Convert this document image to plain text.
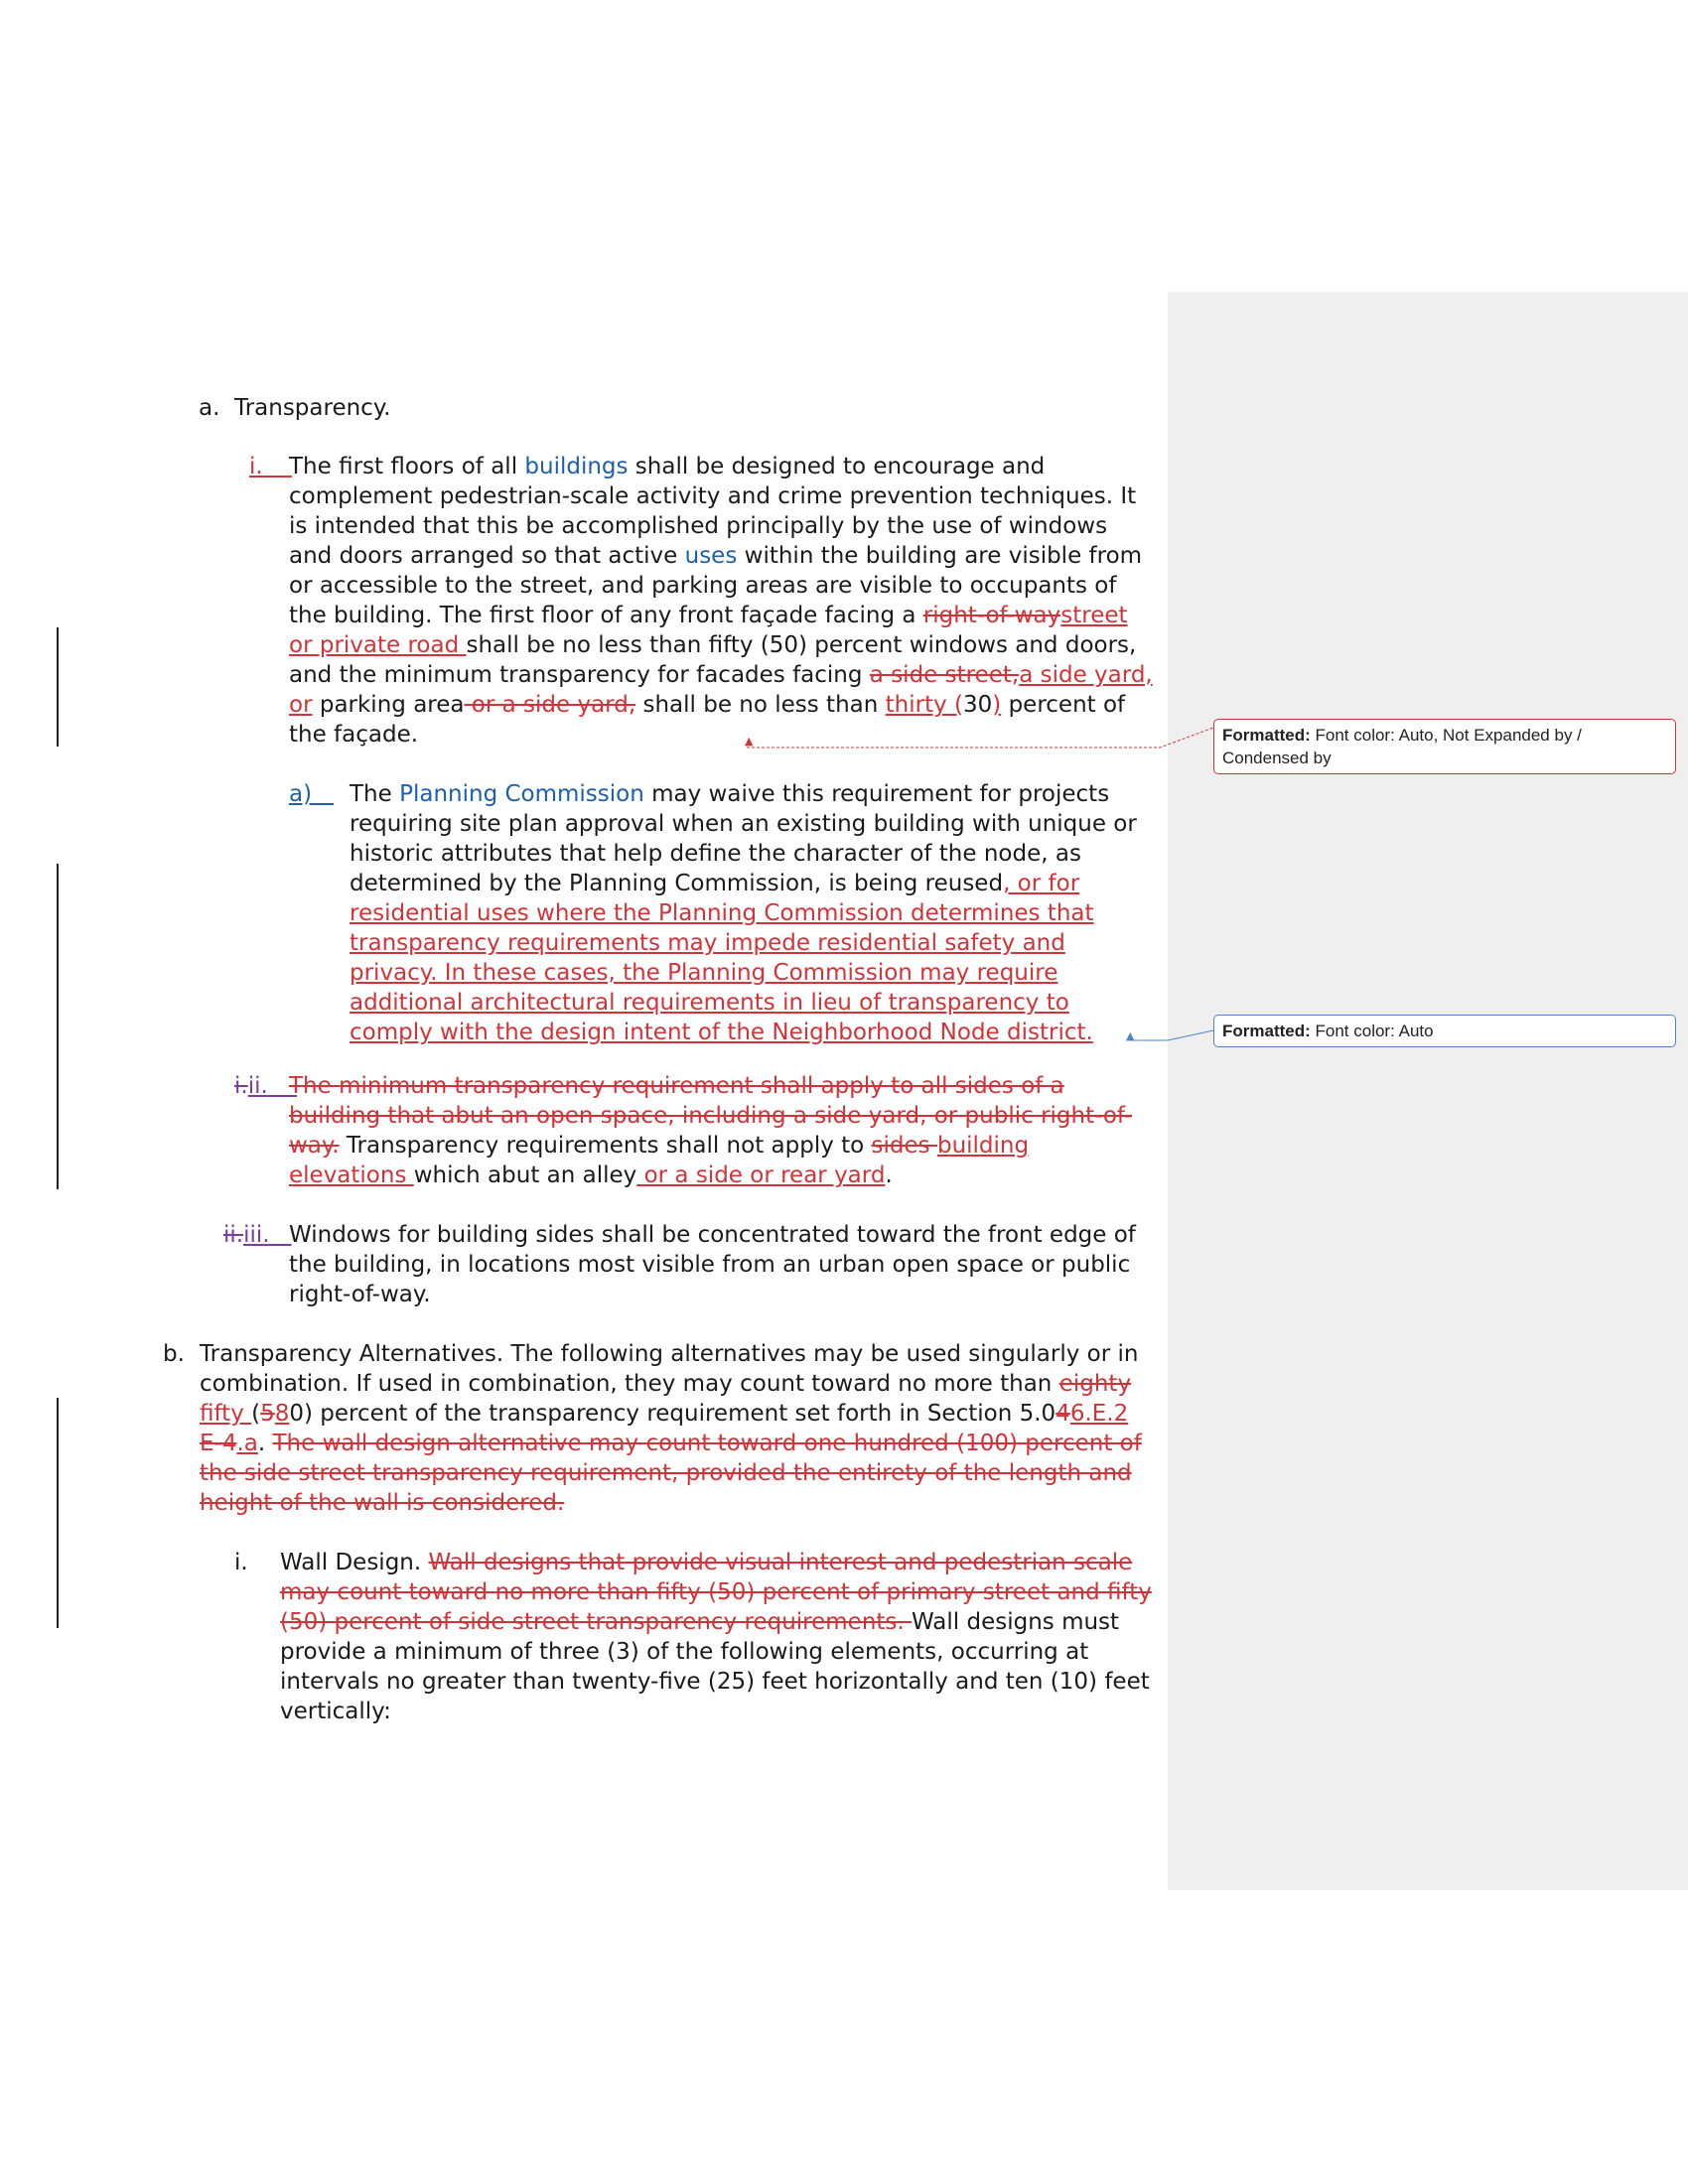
a. Transparency.
i.	The first floors of all buildings shall be designed to encourage and complement pedestrian-scale activity and crime prevention techniques. It is intended that this be accomplished principally by the use of windows and doors arranged so that active uses within the building are visible from or accessible to the street, and parking areas are visible to occupants of the building. The first floor of any front façade facing a right-of-waystreet or private road shall be no less than fifty (50) percent windows and doors, and the minimum transparency for facades facing a side street,a side yard, or parking area or a side yard, shall be no less than thirty (30) percent of the façade.	▲
a)	The Planning Commission may waive this requirement for projects requiring site plan approval when an existing building with unique or historic attributes that help define the character of the node, as determined by the Planning Commission, is being reused, or for residential uses where the Planning Commission determines that transparency requirements may impede residential safety and privacy. In these cases, the Planning Commission may require additional architectural requirements in lieu of transparency to comply with the design intent of the Neighborhood Node district.	▲
i.ii. The minimum transparency requirement shall apply to all sides of a building that abut an open space, including a side yard, or public right-of-way. Transparency requirements shall not apply to sides building elevations which abut an alley or a side or rear yard.
ii.iii. Windows for building sides shall be concentrated toward the front edge of the building, in locations most visible from an urban open space or public right-of-way.
b. Transparency Alternatives. The following alternatives may be used singularly or in combination. If used in combination, they may count toward no more than eighty fifty (580) percent of the transparency requirement set forth in Section 5.046.E.2 E-4.a. The wall design alternative may count toward one hundred (100) percent of the side street transparency requirement, provided the entirety of the length and height of the wall is considered.
i. Wall Design. Wall designs that provide visual interest and pedestrian scale may count toward no more than fifty (50) percent of primary street and fifty (50) percent of side street transparency requirements. Wall designs must provide a minimum of three (3) of the following elements, occurring at intervals no greater than twenty-five (25) feet horizontally and ten (10) feet vertically:
Formatted: Font color: Auto, Not Expanded by / Condensed by
Formatted: Font color: Auto
